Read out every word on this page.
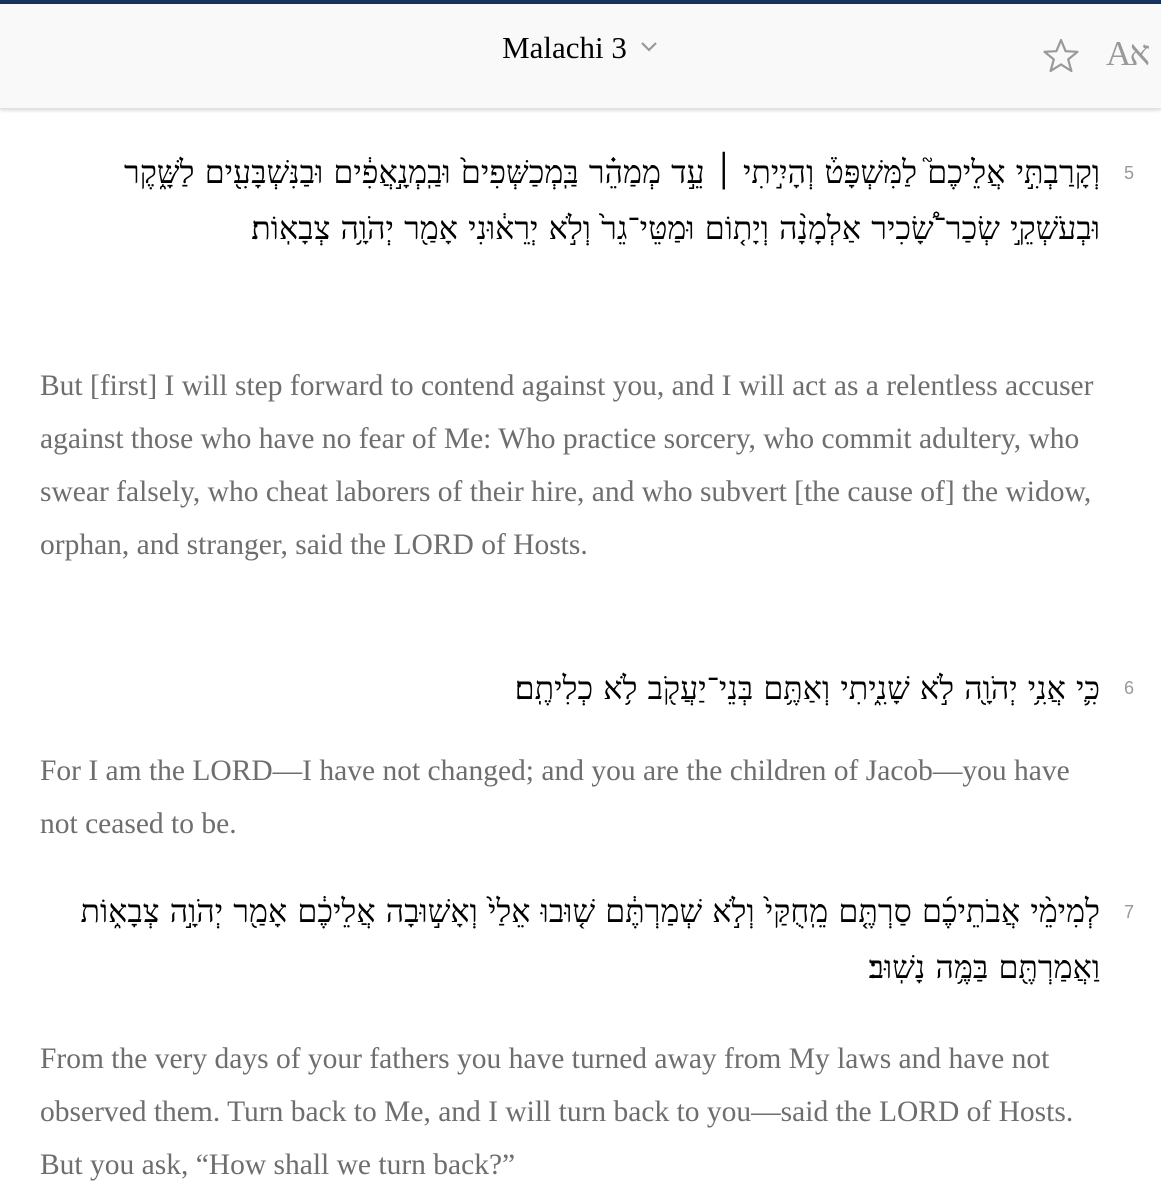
Malachi 3	Aא
5
וְקָרַבְתִּ֣י אֲלֵיכֶם֮ לַמִּשְׁפָּט֒ וְהָיִ֣יתִי ׀ עֵ֣ד מְמַהֵ֗ר בַּֽמְכַשְּׁפִים֙ וּבַֽמְנָ֣אֲפִ֔ים וּבַנִּשְׁבָּעִ֖ים לַשָּׁ֑קֶר וּבְעֹשְׁקֵ֣י שְׂכַר־שָׂ֠כִיר אַלְמָנָ֨ה וְיָת֤וֹם וּמַטֵּי־גֵר֙ וְלֹ֣א יְרֵא֔וּנִי אָמַ֖ר יְהֹוָ֥ה צְבָאֽוֹת׃
But [first] I will step forward to contend against you, and I will act as a relentless accuser against those who have no fear of Me: Who practice sorcery, who commit adultery, who swear falsely, who cheat laborers of their hire, and who subvert [the cause of] the widow, orphan, and stranger, said the LORD of Hosts.
6
כִּ֛י אֲנִ֥י יְהֹוָ֖ה לֹ֣א שָׁנִ֑יתִי וְאַתֶּ֥ם בְּנֵי־יַעֲקֹ֖ב לֹ֥א כְלִיתֶֽם׃
For I am the LORD—I have not changed; and you are the children of Jacob—you have not ceased to be.
7
לְמִימֵ֨י אֲבֹתֵיכֶ֜ם סַרְתֶּ֤ם מֵֽחֻקַּי֙ וְלֹ֣א שְׁמַרְתֶּ֔ם שׁ֤וּבוּ אֵלַי֙ וְאָשׁ֣וּבָה אֲלֵיכֶ֔ם אָמַ֖ר יְהֹוָ֣ה צְבָא֑וֹת וַאֲמַרְתֶּ֖ם בַּמֶּ֥ה נָשֽׁוּב׃
From the very days of your fathers you have turned away from My laws and have not observed them. Turn back to Me, and I will turn back to you—said the LORD of Hosts. But you ask, “How shall we turn back?”
